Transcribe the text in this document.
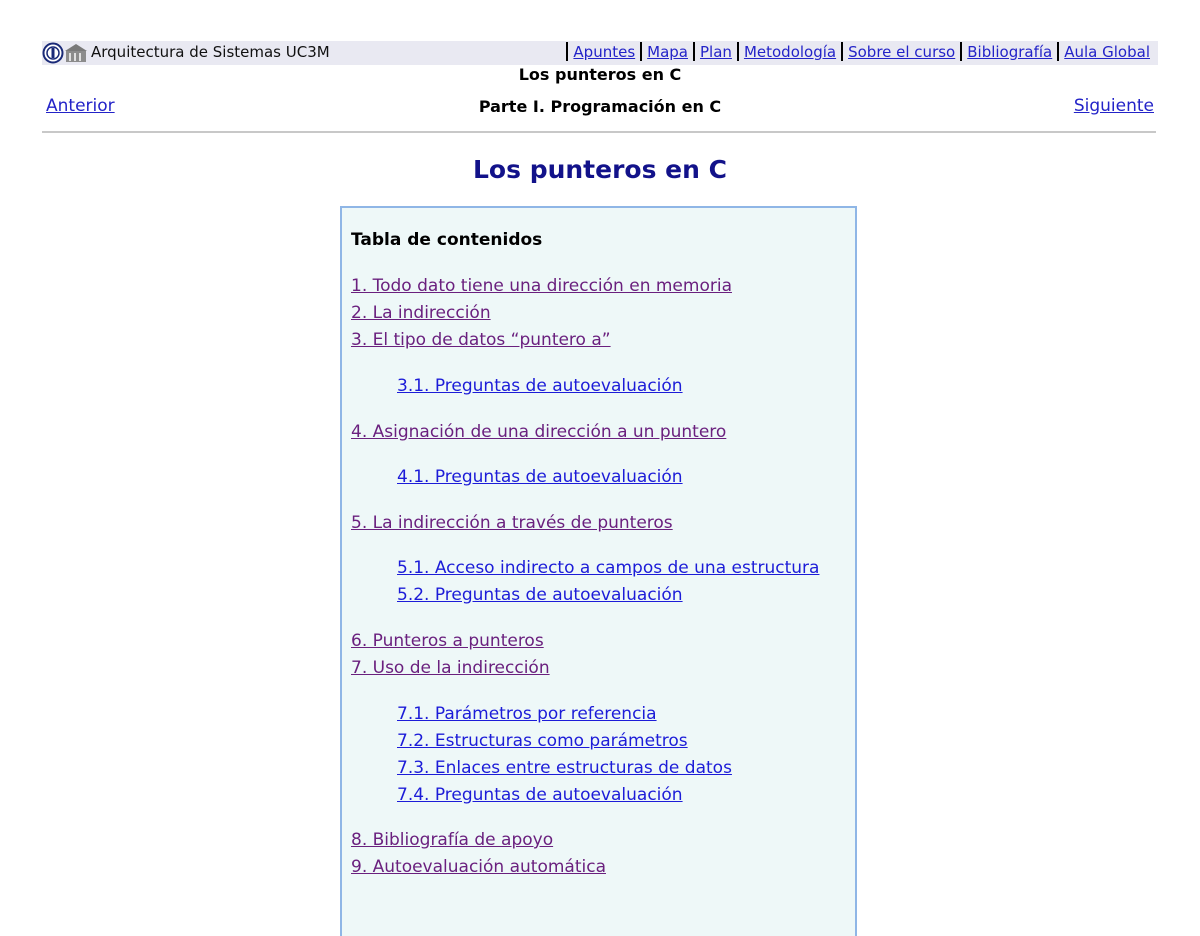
Arquitectura de Sistemas UC3M	Apuntes Mapa Plan Metodología Sobre el curso Bibliografía Aula Global
Los punteros en C
Anterior	Parte I. Programación en C	Siguiente
Los punteros en C

Tabla de contenidos

1. Todo dato tiene una dirección en memoria
2. La indirección
3. El tipo de datos “puntero a”
3.1. Preguntas de autoevaluación
4. Asignación de una dirección a un puntero
4.1. Preguntas de autoevaluación
5. La indirección a través de punteros
5.1. Acceso indirecto a campos de una estructura
5.2. Preguntas de autoevaluación
6. Punteros a punteros
7. Uso de la indirección
7.1. Parámetros por referencia
7.2. Estructuras como parámetros
7.3. Enlaces entre estructuras de datos
7.4. Preguntas de autoevaluación
8. Bibliografía de apoyo
9. Autoevaluación automática
